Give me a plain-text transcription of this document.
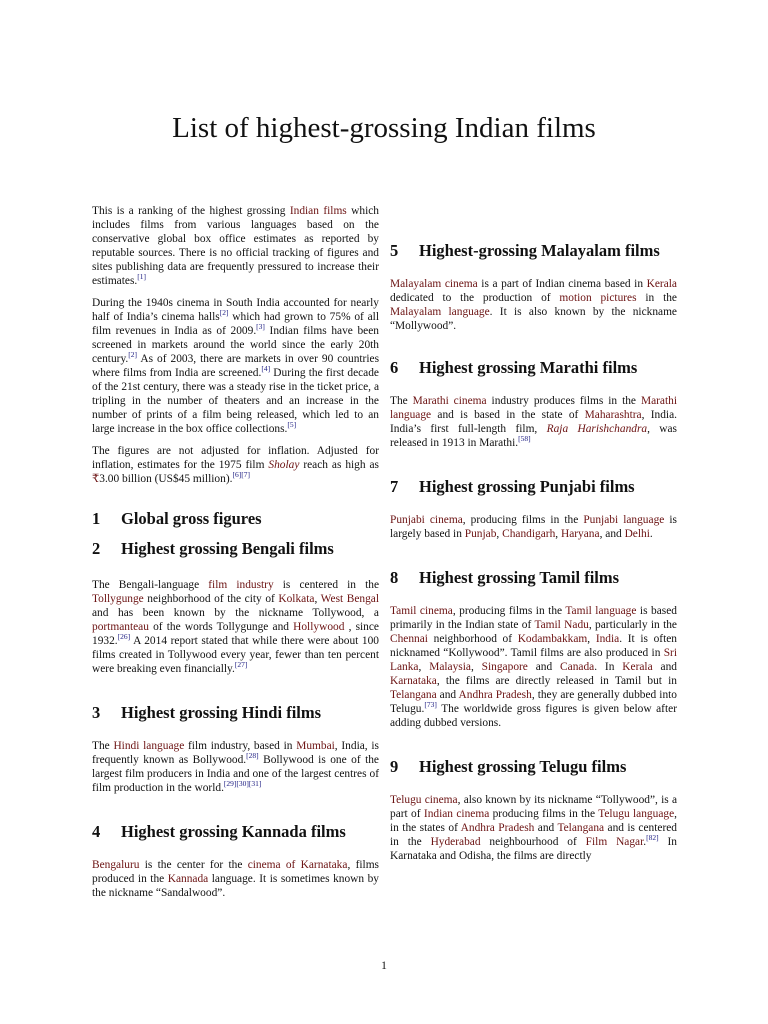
List of highest-grossing Indian films

This is a ranking of the highest grossing Indian films which includes films from various languages based on the conservative global box office estimates as reported by reputable sources. There is no official tracking of figures and sites publishing data are frequently pressured to increase their estimates.[1]

During the 1940s cinema in South India accounted for nearly half of India’s cinema halls[2] which had grown to 75% of all film revenues in India as of 2009.[3] Indian films have been screened in markets around the world since the early 20th century.[2] As of 2003, there are markets in over 90 countries where films from India are screened.[4] During the first decade of the 21st century, there was a steady rise in the ticket price, a tripling in the number of theaters and an increase in the number of prints of a film being released, which led to an large increase in the box office collections.[5]

The figures are not adjusted for inflation. Adjusted for inflation, estimates for the 1975 film Sholay reach as high as ₹3.00 billion (US$45 million).[6][7]

1	Global gross figures
2	Highest grossing Bengali films

The Bengali-language film industry is centered in the Tollygunge neighborhood of the city of Kolkata, West Bengal and has been known by the nickname Tollywood, a portmanteau of the words Tollygunge and Hollywood , since 1932.[26] A 2014 report stated that while there were about 100 films created in Tollywood every year, fewer than ten percent were breaking even financially.[27]

3	Highest grossing Hindi films

The Hindi language film industry, based in Mumbai, India, is frequently known as Bollywood.[28] Bollywood is one of the largest film producers in India and one of the largest centres of film production in the world.[29][30][31]

4	Highest grossing Kannada films

Bengaluru is the center for the cinema of Karnataka, films produced in the Kannada language. It is sometimes known by the nickname “Sandalwood”.

5	Highest-grossing Malayalam films

Malayalam cinema is a part of Indian cinema based in Kerala dedicated to the production of motion pictures in the Malayalam language. It is also known by the nickname “Mollywood”.

6	Highest grossing Marathi films

The Marathi cinema industry produces films in the Marathi language and is based in the state of Maharashtra, India. India’s first full-length film, Raja Harishchandra, was released in 1913 in Marathi.[58]

7	Highest grossing Punjabi films

Punjabi cinema, producing films in the Punjabi language is largely based in Punjab, Chandigarh, Haryana, and Delhi.

8	Highest grossing Tamil films

Tamil cinema, producing films in the Tamil language is based primarily in the Indian state of Tamil Nadu, particularly in the Chennai neighborhood of Kodambakkam, India. It is often nicknamed “Kollywood”. Tamil films are also produced in Sri Lanka, Malaysia, Singapore and Canada. In Kerala and Karnataka, the films are directly released in Tamil but in Telangana and Andhra Pradesh, they are generally dubbed into Telugu.[73] The worldwide gross figures is given below after adding dubbed versions.

9	Highest grossing Telugu films

Telugu cinema, also known by its nickname “Tollywood”, is a part of Indian cinema producing films in the Telugu language, in the states of Andhra Pradesh and Telangana and is centered in the Hyderabad neighbourhood of Film Nagar.[82] In Karnataka and Odisha, the films are directly

1
